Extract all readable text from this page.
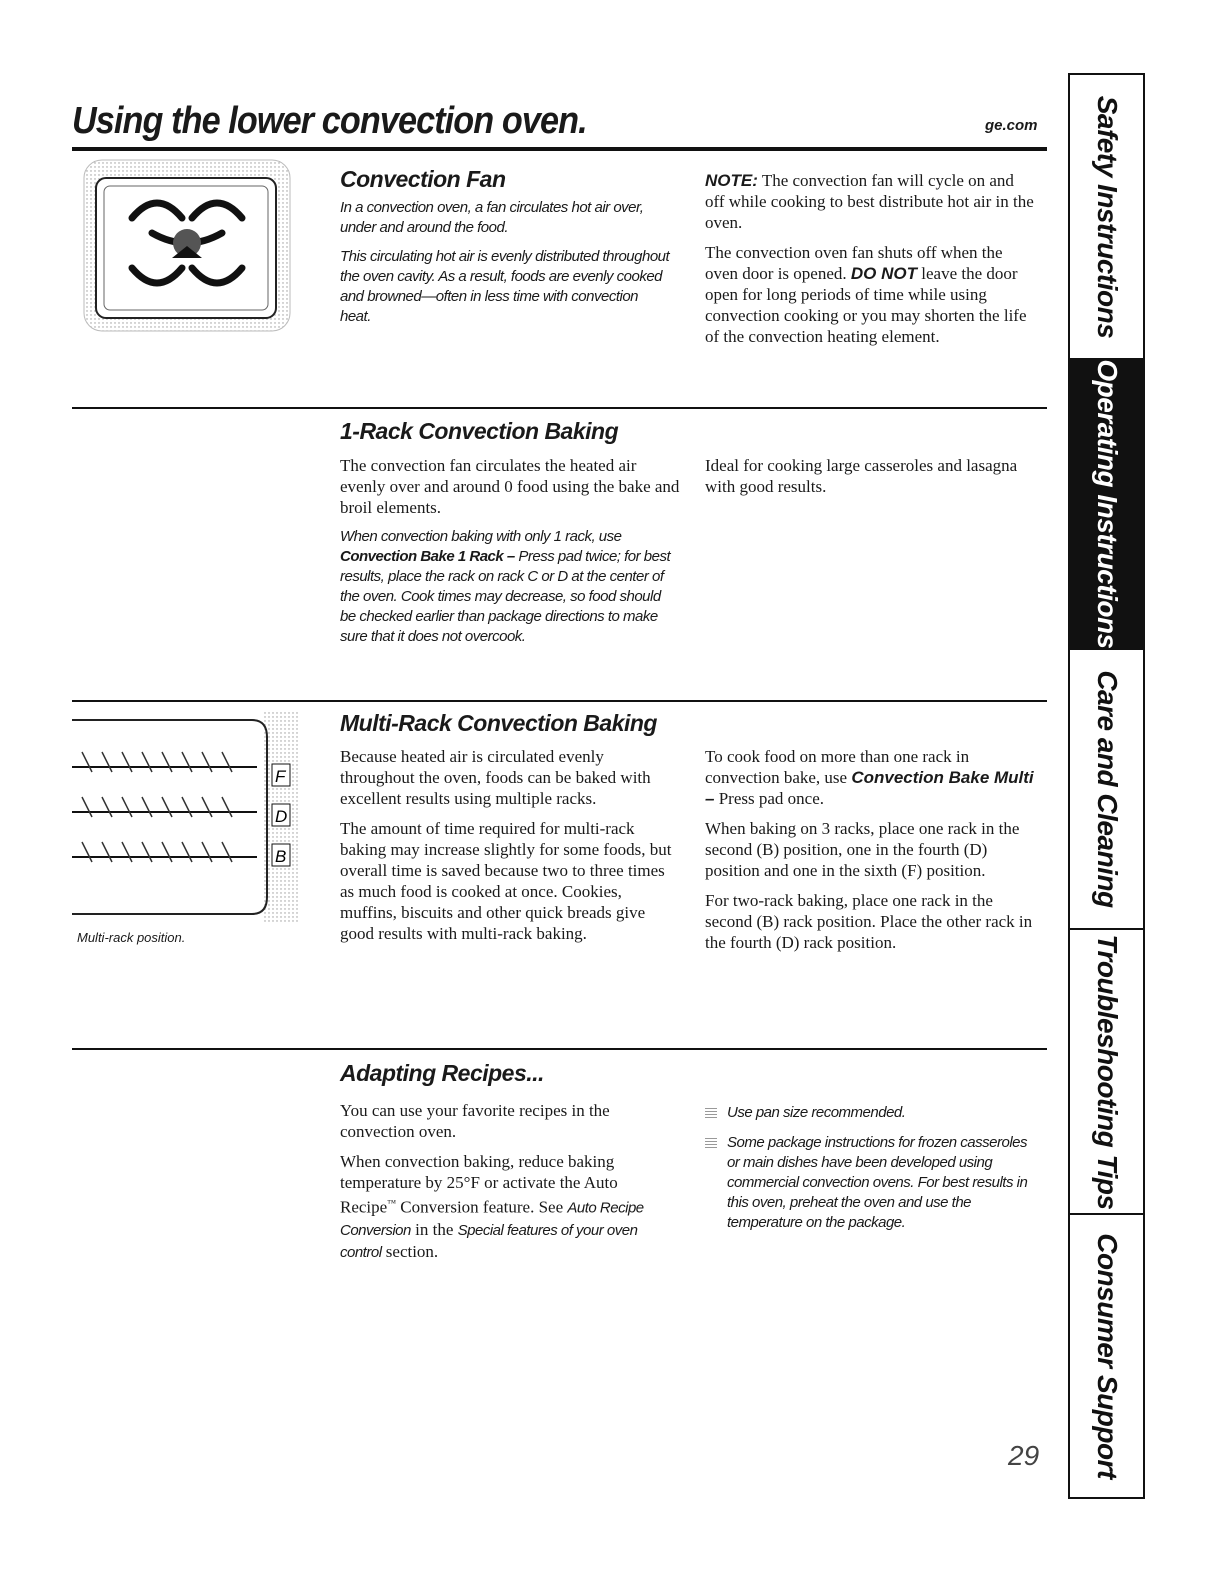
Using the lower convection oven.	ge.com
Convection Fan

In a convection oven, a fan circulates hot air over, under and around the food.

This circulating hot air is evenly distributed throughout the oven cavity. As a result, foods are evenly cooked and browned—often in less time with convection heat.

NOTE: The convection fan will cycle on and off while cooking to best distribute hot air in the oven.

The convection oven fan shuts off when the oven door is opened. DO NOT leave the door open for long periods of time while using convection cooking or you may shorten the life of the convection heating element.

1-Rack Convection Baking

The convection fan circulates the heated air evenly over and around 0 food using the bake and broil elements.

When convection baking with only 1 rack, use Convection Bake 1 Rack – Press pad twice; for best results, place the rack on rack C or D at the center of the oven. Cook times may decrease, so food should be checked earlier than package directions to make sure that it does not overcook.

Ideal for cooking large casseroles and lasagna with good results.

F
D
B
Multi-rack position.
Multi-Rack Convection Baking

Because heated air is circulated evenly throughout the oven, foods can be baked with excellent results using multiple racks.

The amount of time required for multi-rack baking may increase slightly for some foods, but overall time is saved because two to three times as much food is cooked at once. Cookies, muffins, biscuits and other quick breads give good results with multi-rack baking.

To cook food on more than one rack in convection bake, use Convection Bake Multi – Press pad once.

When baking on 3 racks, place one rack in the second (B) position, one in the fourth (D) position and one in the sixth (F) position.

For two-rack baking, place one rack in the second (B) rack position. Place the other rack in the fourth (D) rack position.

Adapting Recipes...

You can use your favorite recipes in the convection oven.

When convection baking, reduce baking temperature by 25°F or activate the Auto Recipe™ Conversion feature. See Auto Recipe Conversion in the Special features of your oven control section.

Use pan size recommended.
Some package instructions for frozen casseroles or main dishes have been developed using commercial convection ovens. For best results in this oven, preheat the oven and use the temperature on the package.
29
Safety Instructions
Operating Instructions
Care and Cleaning
Troubleshooting Tips
Consumer Support
